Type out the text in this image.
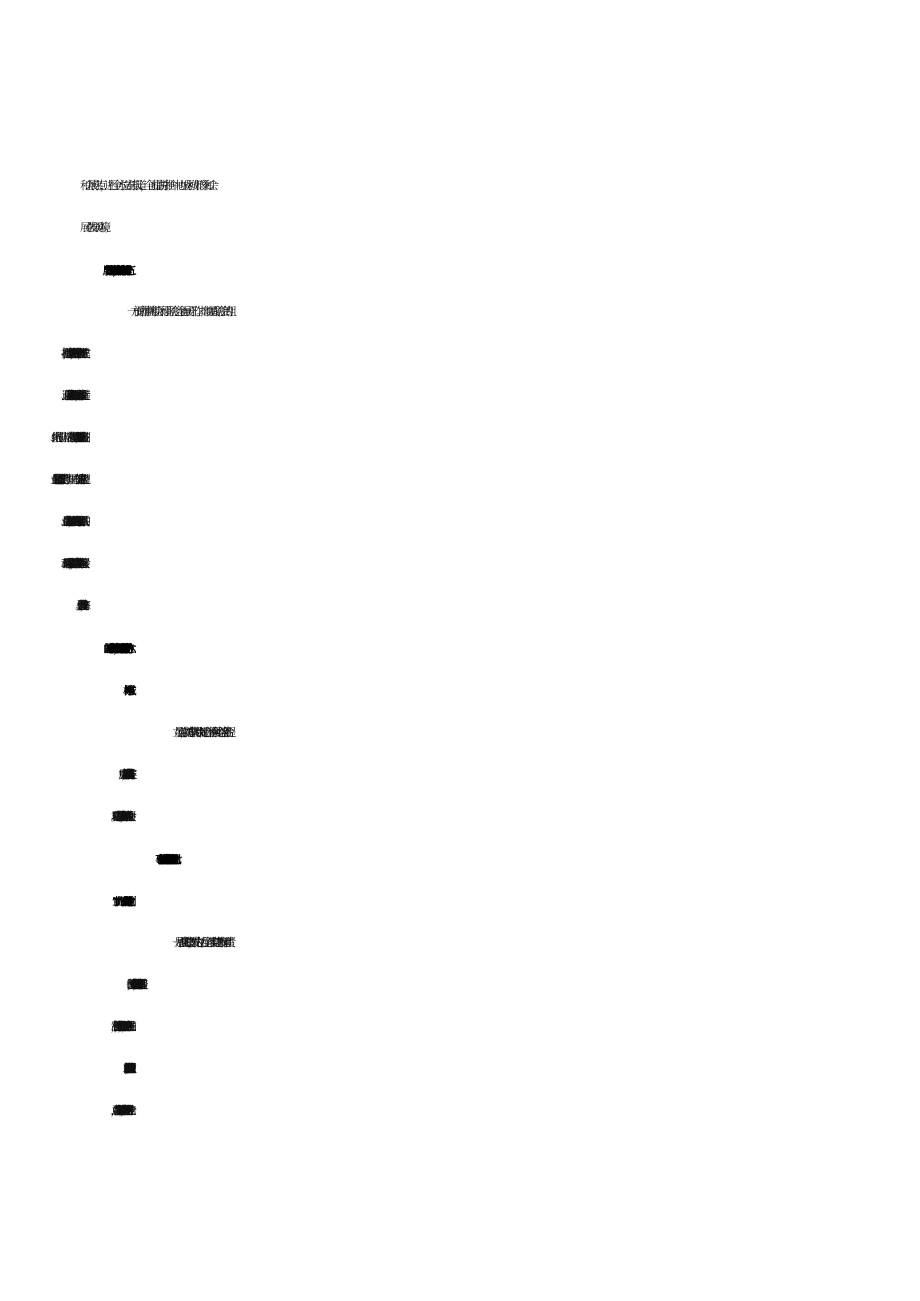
和会展热点，进行全方位宣传报道，全面提高并推介中心城区城市形象和会
展业发展环境。
一方面助推淄博市会展行业联合会全面展开工作。推动完成联合会的组
立足实际，依托春申集团尽快制定出台《淄博会展中心综合整治提
一是加强党的建设，激发内在活力。全面落实党建工作目标管理责
任制，建立健全党建工作长效机制，确保党的建设各项部署落到实处。
